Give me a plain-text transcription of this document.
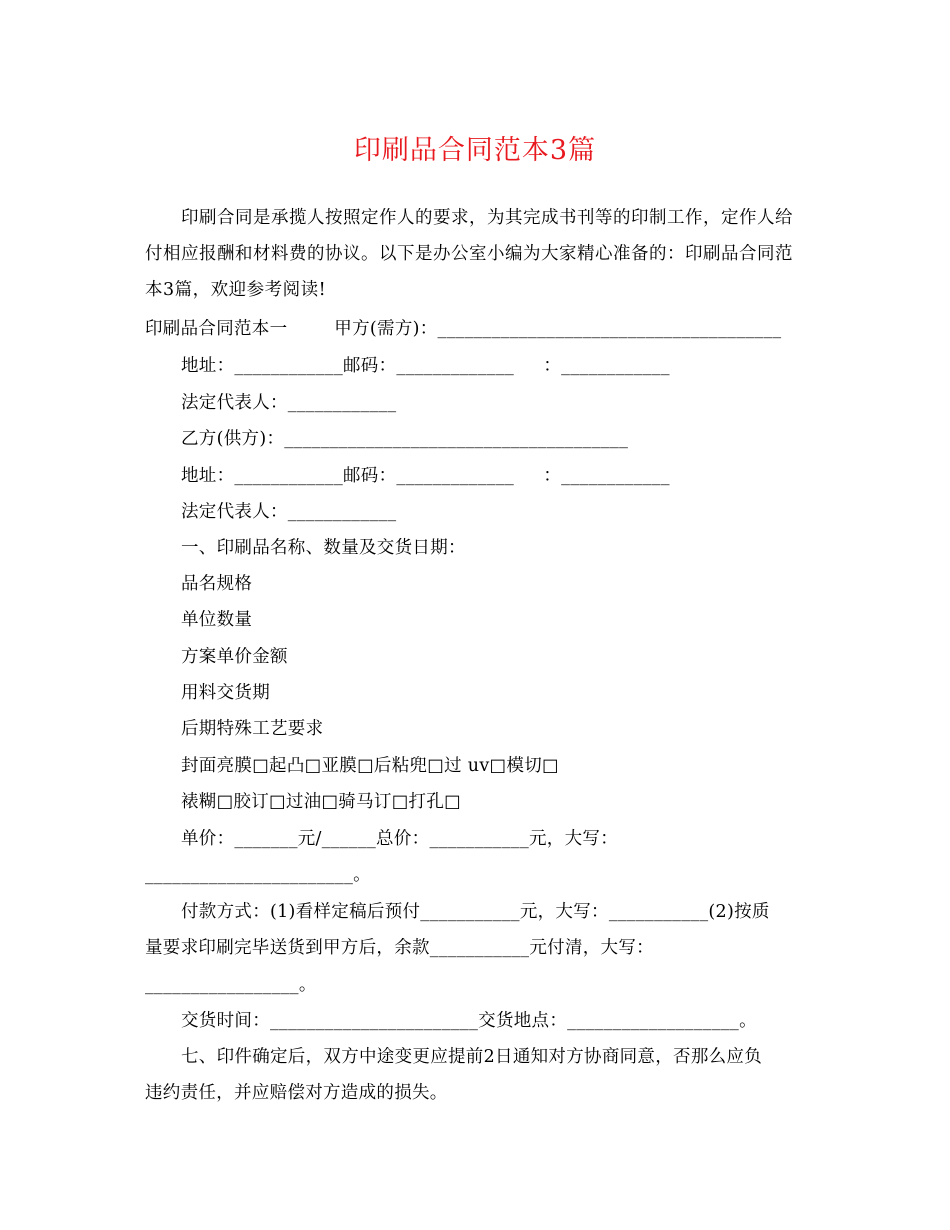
印刷品合同范本3篇
印刷合同是承揽人按照定作人的要求，为其完成书刊等的印制工作，定作人给付相应报酬和材料费的协议。以下是办公室小编为大家精心准备的：印刷品合同范本3篇，欢迎参考阅读!
印刷品合同范本一        甲方(需方)：______________________________________
地址：____________邮码：_____________     ：____________
法定代表人：____________
乙方(供方)：______________________________________
地址：____________邮码：_____________     ：____________
法定代表人：____________
一、印刷品名称、数量及交货日期：
品名规格
单位数量
方案单价金额
用料交货期
后期特殊工艺要求
封面亮膜□起凸□亚膜□后粘兜□过 uv□模切□
裱糊□胶订□过油□骑马订□打孔□
单价：_______元/______总价：___________元，大写：
_______________________。
付款方式：(1)看样定稿后预付___________元，大写：___________(2)按质
量要求印刷完毕送货到甲方后，余款___________元付清，大写：
_________________。
交货时间：_______________________交货地点：___________________。
七、印件确定后，双方中途变更应提前2日通知对方协商同意，否那么应负
违约责任，并应赔偿对方造成的损失。
